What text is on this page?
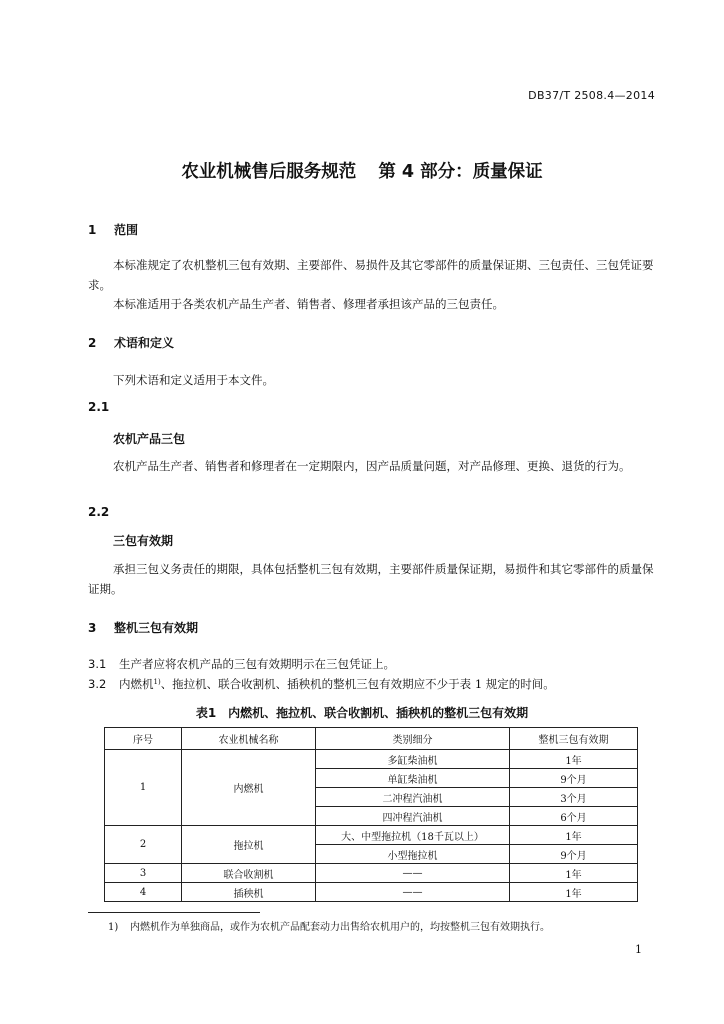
DB37/T 2508.4—2014
农业机械售后服务规范 第 4 部分：质量保证
1 范围
本标准规定了农机整机三包有效期、主要部件、易损件及其它零部件的质量保证期、三包责任、三包凭证要求。
本标准适用于各类农机产品生产者、销售者、修理者承担该产品的三包责任。
2 术语和定义
下列术语和定义适用于本文件。
2.1
农机产品三包
农机产品生产者、销售者和修理者在一定期限内，因产品质量问题，对产品修理、更换、退货的行为。
2.2
三包有效期
承担三包义务责任的期限，具体包括整机三包有效期，主要部件质量保证期，易损件和其它零部件的质量保证期。
3 整机三包有效期
3.1 生产者应将农机产品的三包有效期明示在三包凭证上。
3.2 内燃机$^{1)}$、拖拉机、联合收割机、插秧机的整机三包有效期应不少于表 1 规定的时间。
表1　内燃机、拖拉机、联合收割机、插秧机的整机三包有效期
序号	农业机械名称	类别细分	整机三包有效期
1	内燃机	多缸柴油机	1年
		单缸柴油机	9个月
		二冲程汽油机	3个月
		四冲程汽油机	6个月
2	拖拉机	大、中型拖拉机（18千瓦以上）	1年
		小型拖拉机	9个月
3	联合收割机	——	1年
4	插秧机	——	1年
1) 内燃机作为单独商品，或作为农机产品配套动力出售给农机用户的，均按整机三包有效期执行。
1
